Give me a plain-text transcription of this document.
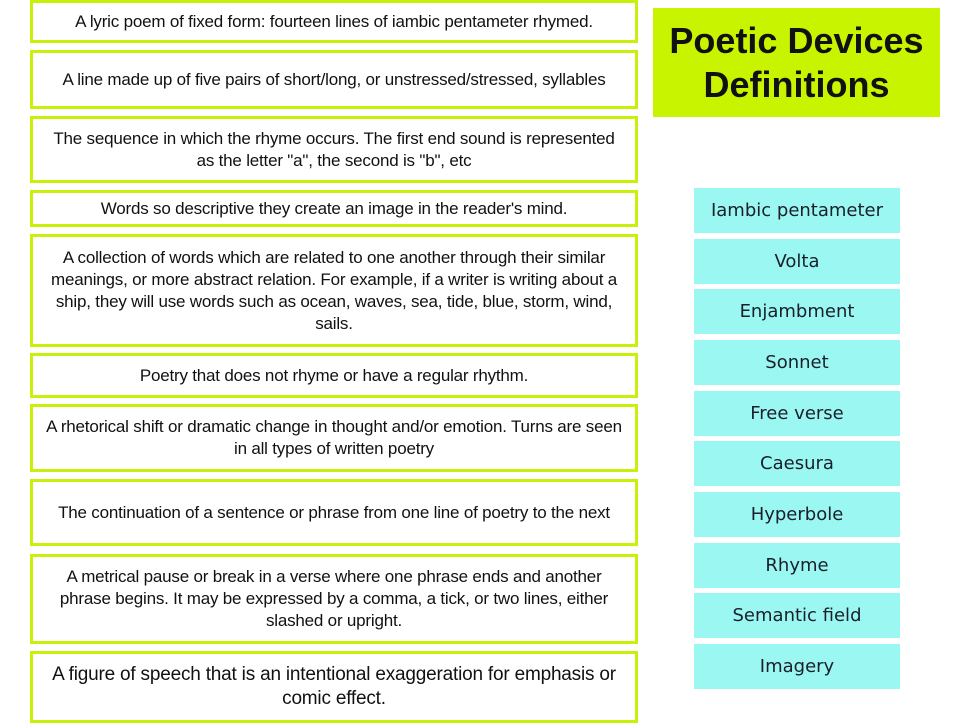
A lyric poem of fixed form: fourteen lines of iambic pentameter rhymed.
A line made up of five pairs of short/long, or unstressed/stressed, syllables
The sequence in which the rhyme occurs. The first end sound is represented as the letter "a", the second is "b", etc
Words so descriptive they create an image in the reader's mind.
A collection of words which are related to one another through their similar meanings, or more abstract relation. For example, if a writer is writing about a ship, they will use words such as ocean, waves, sea, tide, blue, storm, wind, sails.
Poetry that does not rhyme or have a regular rhythm.
A rhetorical shift or dramatic change in thought and/or emotion. Turns are seen in all types of written poetry
The continuation of a sentence or phrase from one line of poetry to the next
A metrical pause or break in a verse where one phrase ends and another phrase begins. It may be expressed by a comma, a tick, or two lines, either slashed or upright.
A figure of speech that is an intentional exaggeration for emphasis or comic effect.
Poetic Devices Definitions
Iambic pentameter
Volta
Enjambment
Sonnet
Free verse
Caesura
Hyperbole
Rhyme
Semantic field
Imagery
